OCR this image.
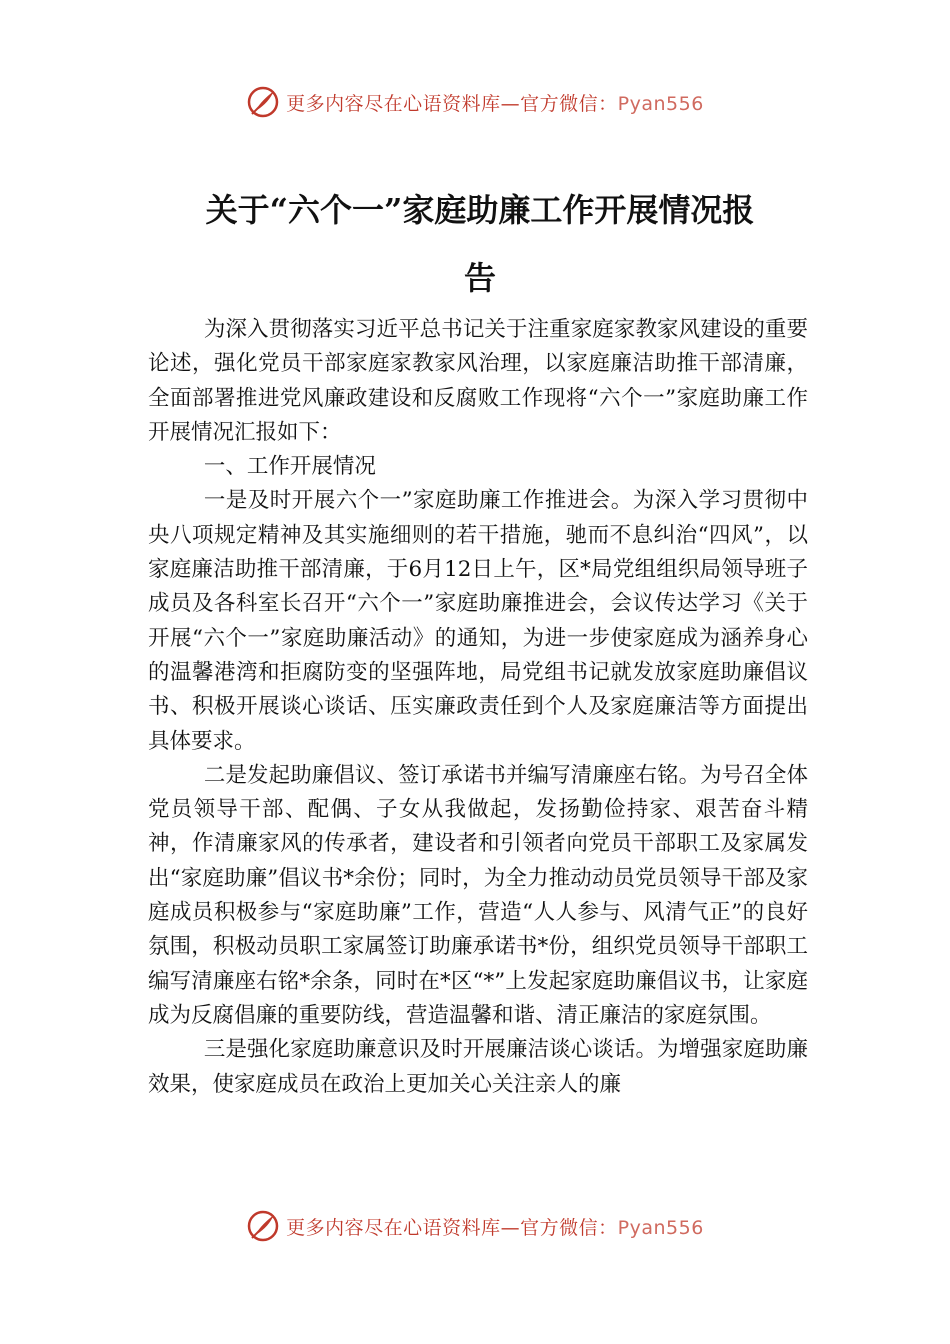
更多内容尽在心语资料库—官方微信：Pyan556
关于“六个一”家庭助廉工作开展情况报
告

为深入贯彻落实习近平总书记关于注重家庭家教家风建设的重要论述，强化党员干部家庭家教家风治理，以家庭廉洁助推干部清廉，全面部署推进党风廉政建设和反腐败工作现将“六个一”家庭助廉工作开展情况汇报如下：

一、工作开展情况

一是及时开展六个一”家庭助廉工作推进会。为深入学习贯彻中央八项规定精神及其实施细则的若干措施，驰而不息纠治“四风”，以家庭廉洁助推干部清廉，于6月12日上午，区*局党组组织局领导班子成员及各科室长召开“六个一”家庭助廉推进会，会议传达学习《关于开展“六个一”家庭助廉活动》的通知，为进一步使家庭成为涵养身心的温馨港湾和拒腐防变的坚强阵地，局党组书记就发放家庭助廉倡议书、积极开展谈心谈话、压实廉政责任到个人及家庭廉洁等方面提出具体要求。

二是发起助廉倡议、签订承诺书并编写清廉座右铭。为号召全体党员领导干部、配偶、子女从我做起，发扬勤俭持家、艰苦奋斗精神，作清廉家风的传承者，建设者和引领者向党员干部职工及家属发出“家庭助廉”倡议书*余份；同时，为全力推动动员党员领导干部及家庭成员积极参与“家庭助廉”工作，营造“人人参与、风清气正”的良好氛围，积极动员职工家属签订助廉承诺书*份，组织党员领导干部职工编写清廉座右铭*余条，同时在*区“*”上发起家庭助廉倡议书，让家庭成为反腐倡廉的重要防线，营造温馨和谐、清正廉洁的家庭氛围。

三是强化家庭助廉意识及时开展廉洁谈心谈话。为增强家庭助廉效果，使家庭成员在政治上更加关心关注亲人的廉

更多内容尽在心语资料库—官方微信：Pyan556
